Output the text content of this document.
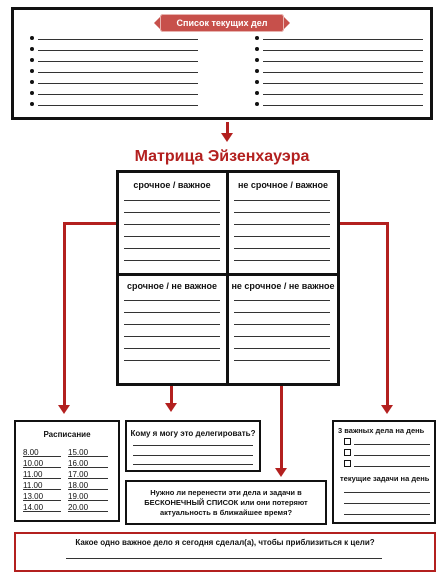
Список текущих дел
Матрица Эйзенхауэра
срочное / важное	не срочное / важное
срочное / не важное	не срочное / не важное
Расписание
8.00	15.00
10.00	16.00
11.00	17.00
11.00	18.00
13.00	19.00
14.00	20.00
Кому я могу это делегировать?
Нужно ли перенести эти дела и задачи в БЕСКОНЕЧНЫЙ СПИСОК или они потеряют актуальность в ближайшее время?
3 важных дела на день
текущие задачи на день
Какое одно важное дело я сегодня сделал(а), чтобы приблизиться к цели?
